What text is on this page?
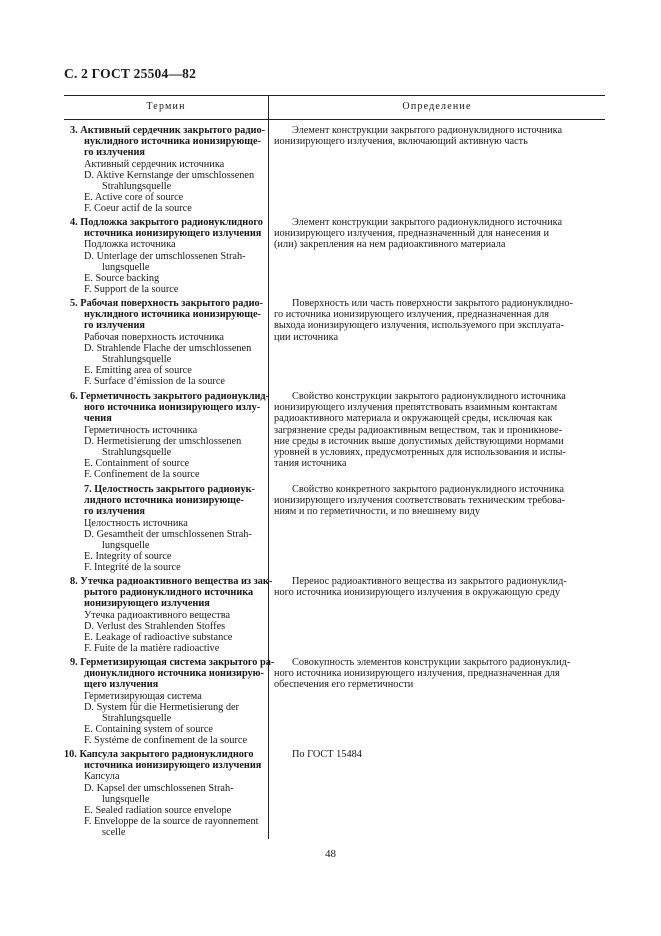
С. 2 ГОСТ 25504—82
Термин	Определение
3. Активный сердечник закрытого радио-
нуклидного источника ионизирующе-
го излучения
Активный сердечник источника
D. Aktive Kernstange der umschlossenen
Strahlungsquelle
E. Active core of source
F. Coeur actif de la source
Элемент конструкции закрытого радионуклидного источника
ионизирующего излучения, включающий активную часть
4. Подложка закрытого радионуклидного
источника ионизирующего излучения
Подложка источника
D. Unterlage der umschlossenen Strah-
lungsquelle
E. Source backing
F. Support de la source
Элемент конструкции закрытого радионуклидного источника
ионизирующего излучения, предназначенный для нанесения и
(или) закрепления на нем радиоактивного материала
5. Рабочая поверхность закрытого радио-
нуклидного источника ионизирующе-
го излучения
Рабочая поверхность источника
D. Strahlende Flache der umschlossenen
Strahlungsquelle
E. Emitting area of source
F. Surface d’émission de la source
Поверхность или часть поверхности закрытого радионуклидно-
го источника ионизирующего излучения, предназначенная для
выхода ионизирующего излучения, используемого при эксплуата-
ции источника
6. Герметичность закрытого радионуклид-
ного источника ионизирующего излу-
чения
Герметичность источника
D. Hermetisierung der umschlossenen
Strahlungsquelle
E. Containment of source
F. Confinement de la source
Свойство конструкции закрытого радионуклидного источника
ионизирующего излучения препятствовать взаимным контактам
радиоактивного материала и окружающей среды, исключая как
загрязнение среды радиоактивным веществом, так и проникнове-
ние среды в источник выше допустимых действующими нормами
уровней в условиях, предусмотренных для использования и испы-
тания источника
7. Целостность закрытого радионук-
лидного источника ионизирующе-
го излучения
Целостность источника
D. Gesamtheit der umschlossenen Strah-
lungsquelle
E. Integrity of source
F. Integrité de la source
Свойство конкретного закрытого радионуклидного источника
ионизирующего излучения соответствовать техническим требова-
ниям и по герметичности, и по внешнему виду
8. Утечка радиоактивного вещества из зак-
рытого радионуклидного источника
ионизирующего излучения
Утечка радиоактивного вещества
D. Verlust des Strahlenden Stoffes
E. Leakage of radioactive substance
F. Fuite de la matière radioactive
Перенос радиоактивного вещества из закрытого радионуклид-
ного источника ионизирующего излучения в окружающую среду
9. Герметизирующая система закрытого ра-
дионуклидного источника ионизирую-
щего излучения
Герметизирующая система
D. System für die Hermetisierung der
Strahlungsquelle
E. Containing system of source
F. Systéme de confinement de la source
Совокупность элементов конструкции закрытого радионуклид-
ного источника ионизирующего излучения, предназначенная для
обеспечения его герметичности
10. Капсула закрытого радионуклидного
источника ионизирующего излучения
Капсула
D. Kapsel der umschlossenen Strah-
lungsquelle
E. Sealed radiation source envelope
F. Enveloppe de la source de rayonnement
scelle
По ГОСТ 15484
48
